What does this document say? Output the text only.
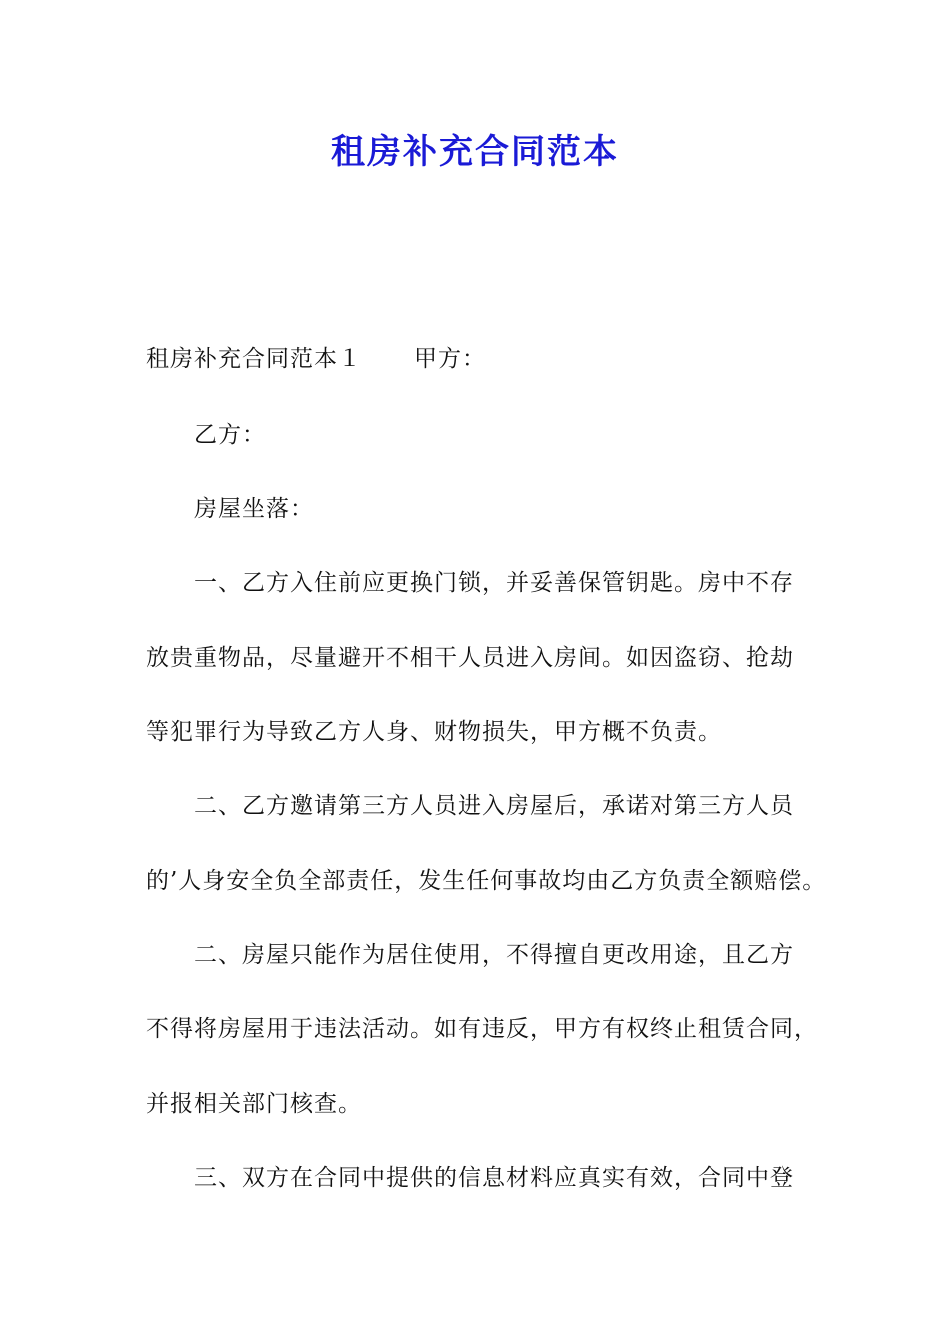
租房补充合同范本

租房补充合同范本１ 甲方：

乙方：

房屋坐落：

一、乙方入住前应更换门锁，并妥善保管钥匙。房中不存

放贵重物品，尽量避开不相干人员进入房间。如因盗窃、抢劫

等犯罪行为导致乙方人身、财物损失，甲方概不负责。

二、乙方邀请第三方人员进入房屋后，承诺对第三方人员

的’人身安全负全部责任，发生任何事故均由乙方负责全额赔偿。

二、房屋只能作为居住使用，不得擅自更改用途，且乙方

不得将房屋用于违法活动。如有违反，甲方有权终止租赁合同，

并报相关部门核查。

三、双方在合同中提供的信息材料应真实有效，合同中登
